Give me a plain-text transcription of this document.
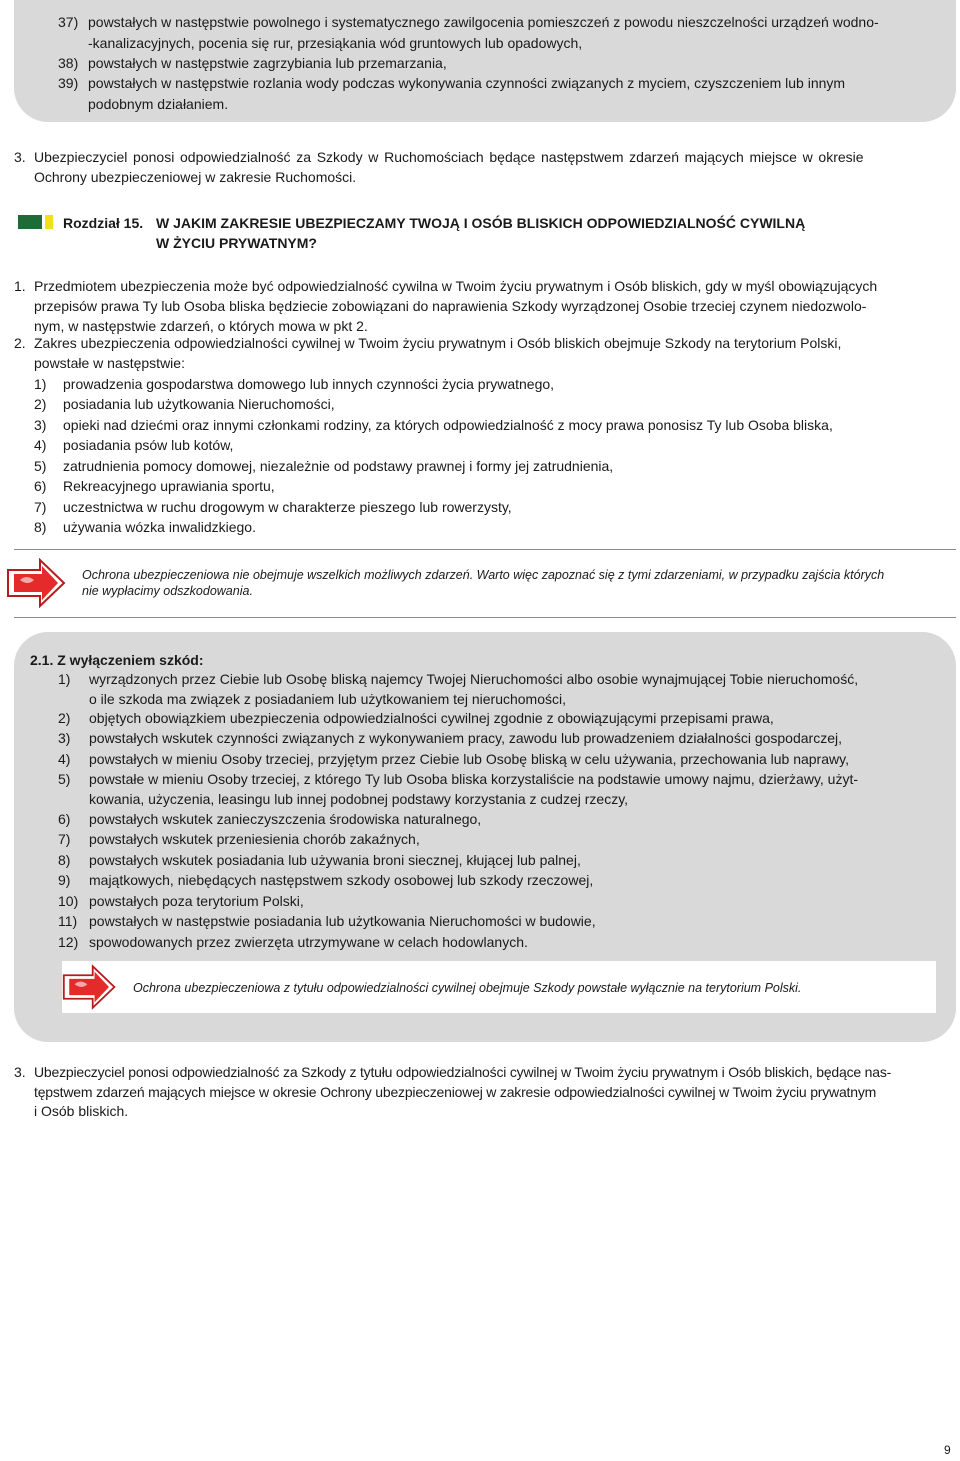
37) powstałych w następstwie powolnego i systematycznego zawilgocenia pomieszczeń z powodu nieszczelności urządzeń wodno-
-kanalizacyjnych, pocenia się rur, przesiąkania wód gruntowych lub opadowych,
38) powstałych w następstwie zagrzybiania lub przemarzania,
39) powstałych w następstwie rozlania wody podczas wykonywania czynności związanych z myciem, czyszczeniem lub innym
podobnym działaniem.
3. Ubezpieczyciel ponosi odpowiedzialność za Szkody w Ruchomościach będące następstwem zdarzeń mających miejsce w okresie
Ochrony ubezpieczeniowej w zakresie Ruchomości.
Rozdział 15. W JAKIM ZAKRESIE UBEZPIECZAMY TWOJĄ I OSÓB BLISKICH ODPOWIEDZIALNOŚĆ CYWILNĄ
W ŻYCIU PRYWATNYM?
1. Przedmiotem ubezpieczenia może być odpowiedzialność cywilna w Twoim życiu prywatnym i Osób bliskich, gdy w myśl obowiązujących
przepisów prawa Ty lub Osoba bliska będziecie zobowiązani do naprawienia Szkody wyrządzonej Osobie trzeciej czynem niedozwolo-
nym, w następstwie zdarzeń, o których mowa w pkt 2.
2. Zakres ubezpieczenia odpowiedzialności cywilnej w Twoim życiu prywatnym i Osób bliskich obejmuje Szkody na terytorium Polski,
powstałe w następstwie:
1) prowadzenia gospodarstwa domowego lub innych czynności życia prywatnego,
2) posiadania lub użytkowania Nieruchomości,
3) opieki nad dziećmi oraz innymi członkami rodziny, za których odpowiedzialność z mocy prawa ponosisz Ty lub Osoba bliska,
4) posiadania psów lub kotów,
5) zatrudnienia pomocy domowej, niezależnie od podstawy prawnej i formy jej zatrudnienia,
6) Rekreacyjnego uprawiania sportu,
7) uczestnictwa w ruchu drogowym w charakterze pieszego lub rowerzysty,
8) używania wózka inwalidzkiego.
Ochrona ubezpieczeniowa nie obejmuje wszelkich możliwych zdarzeń. Warto więc zapoznać się z tymi zdarzeniami, w przypadku zajścia których
nie wypłacimy odszkodowania.
2.1. Z wyłączeniem szkód:
1) wyrządzonych przez Ciebie lub Osobę bliską najemcy Twojej Nieruchomości albo osobie wynajmującej Tobie nieruchomość,
o ile szkoda ma związek z posiadaniem lub użytkowaniem tej nieruchomości,
2) objętych obowiązkiem ubezpieczenia odpowiedzialności cywilnej zgodnie z obowiązującymi przepisami prawa,
3) powstałych wskutek czynności związanych z wykonywaniem pracy, zawodu lub prowadzeniem działalności gospodarczej,
4) powstałych w mieniu Osoby trzeciej, przyjętym przez Ciebie lub Osobę bliską w celu używania, przechowania lub naprawy,
5) powstałe w mieniu Osoby trzeciej, z którego Ty lub Osoba bliska korzystaliście na podstawie umowy najmu, dzierżawy, użyt-
kowania, użyczenia, leasingu lub innej podobnej podstawy korzystania z cudzej rzeczy,
6) powstałych wskutek zanieczyszczenia środowiska naturalnego,
7) powstałych wskutek przeniesienia chorób zakaźnych,
8) powstałych wskutek posiadania lub używania broni siecznej, kłującej lub palnej,
9) majątkowych, niebędących następstwem szkody osobowej lub szkody rzeczowej,
10) powstałych poza terytorium Polski,
11) powstałych w następstwie posiadania lub użytkowania Nieruchomości w budowie,
12) spowodowanych przez zwierzęta utrzymywane w celach hodowlanych.
Ochrona ubezpieczeniowa z tytułu odpowiedzialności cywilnej obejmuje Szkody powstałe wyłącznie na terytorium Polski.
3. Ubezpieczyciel ponosi odpowiedzialność za Szkody z tytułu odpowiedzialności cywilnej w Twoim życiu prywatnym i Osób bliskich, będące nas-
tępstwem zdarzeń mających miejsce w okresie Ochrony ubezpieczeniowej w zakresie odpowiedzialności cywilnej w Twoim życiu prywatnym
i Osób bliskich.
9
